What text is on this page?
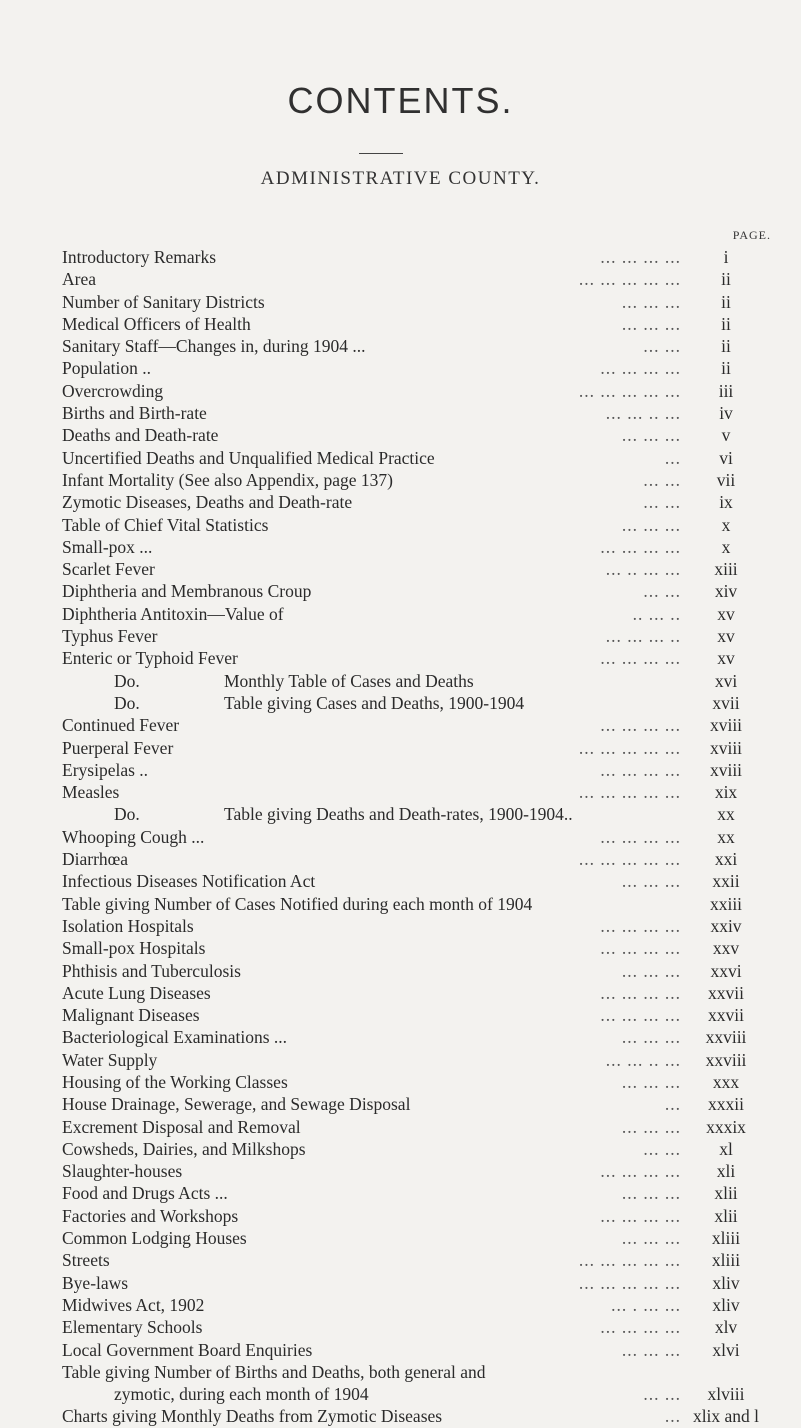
CONTENTS.
ADMINISTRATIVE COUNTY.
PAGE.
Introductory Remarks	... ... ... ...	i
Area	... ... ... ... ...	ii
Number of Sanitary Districts	... ... ...	ii
Medical Officers of Health	... ... ...	ii
Sanitary Staff—Changes in, during 1904 ...	... ...	ii
Population ..	... ... ... ...	ii
Overcrowding	... ... ... ... ...	iii
Births and Birth-rate	... ... .. ...	iv
Deaths and Death-rate	... ... ...	v
Uncertified Deaths and Unqualified Medical Practice	...	vi
Infant Mortality (See also Appendix, page 137)	... ...	vii
Zymotic Diseases, Deaths and Death-rate	... ...	ix
Table of Chief Vital Statistics	... ... ...	x
Small-pox ...	... ... ... ...	x
Scarlet Fever	... .. ... ...	xiii
Diphtheria and Membranous Croup	... ...	xiv
Diphtheria Antitoxin—Value of	.. ... ..	xv
Typhus Fever	... ... ... ..	xv
Enteric or Typhoid Fever	... ... ... ...	xv
Do.	Monthly Table of Cases and Deaths	xvi
Do.	Table giving Cases and Deaths, 1900-1904	xvii
Continued Fever	... ... ... ...	xviii
Puerperal Fever	... ... ... ... ...	xviii
Erysipelas ..	... ... ... ...	xviii
Measles	... ... ... ... ...	xix
Do.	Table giving Deaths and Death-rates, 1900-1904..	xx
Whooping Cough ...	... ... ... ...	xx
Diarrhœa	... ... ... ... ...	xxi
Infectious Diseases Notification Act	... ... ...	xxii
Table giving Number of Cases Notified during each month of 1904	xxiii
Isolation Hospitals	... ... ... ...	xxiv
Small-pox Hospitals	... ... ... ...	xxv
Phthisis and Tuberculosis	... ... ...	xxvi
Acute Lung Diseases	... ... ... ...	xxvii
Malignant Diseases	... ... ... ...	xxvii
Bacteriological Examinations ...	... ... ...	xxviii
Water Supply	... ... .. ...	xxviii
Housing of the Working Classes	... ... ...	xxx
House Drainage, Sewerage, and Sewage Disposal	...	xxxii
Excrement Disposal and Removal	... ... ...	xxxix
Cowsheds, Dairies, and Milkshops	... ...	xl
Slaughter-houses	... ... ... ...	xli
Food and Drugs Acts ...	... ... ...	xlii
Factories and Workshops	... ... ... ...	xlii
Common Lodging Houses	... ... ...	xliii
Streets	... ... ... ... ...	xliii
Bye-laws	... ... ... ... ...	xliv
Midwives Act, 1902	... . ... ...	xliv
Elementary Schools	... ... ... ...	xlv
Local Government Board Enquiries	... ... ...	xlvi
Table giving Number of Births and Deaths, both general and
zymotic, during each month of 1904	... ...	xlviii
Charts giving Monthly Deaths from Zymotic Diseases	... xlix and l
